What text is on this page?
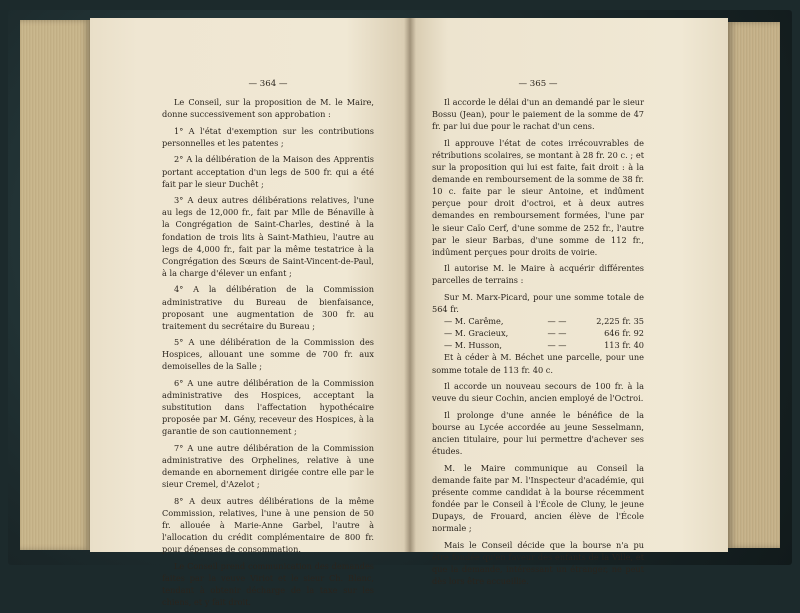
— 364 —

Le Conseil, sur la proposition de M. le Maire, donne successivement son approbation :

1° A l'état d'exemption sur les contributions personnelles et les patentes ;

2° A la délibération de la Maison des Apprentis portant acceptation d'un legs de 500 fr. qui a été fait par le sieur Duchêt ;

3° A deux autres délibérations relatives, l'une au legs de 12,000 fr., fait par Mlle de Bénaville à la Congrégation de Saint-Charles, destiné à la fondation de trois lits à Saint-Mathieu, l'autre au legs de 4,000 fr., fait par la même testatrice à la Congrégation des Sœurs de Saint-Vincent-de-Paul, à la charge d'élever un enfant ;

4° A la délibération de la Commission administrative du Bureau de bienfaisance, proposant une augmentation de 300 fr. au traitement du secrétaire du Bureau ;

5° A une délibération de la Commission des Hospices, allouant une somme de 700 fr. aux demoiselles de la Salle ;

6° A une autre délibération de la Commission administrative des Hospices, acceptant la substitution dans l'affectation hypothécaire proposée par M. Gény, receveur des Hospices, à la garantie de son cautionnement ;

7° A une autre délibération de la Commission administrative des Orphelines, relative à une demande en abornement dirigée contre elle par le sieur Cremel, d'Azelot ;

8° A deux autres délibérations de la même Commission, relatives, l'une à une pension de 50 fr. allouée à Marie-Anne Garbel, l'autre à l'allocation du crédit complémentaire de 800 fr. pour dépenses de consommation.

Le Conseil prend communication des demandes faites par la veuve Viriot et le sieur Ch. Blanc, tendant à obtenir décharge de la taxe sur les chiens, et y fait droit.

— 365 —

Il accorde le délai d'un an demandé par le sieur Bossu (Jean), pour le paiement de la somme de 47 fr. par lui due pour le rachat d'un cens.

Il approuve l'état de cotes irrécouvrables de rétributions scolaires, se montant à 28 fr. 20 c. ; et sur la proposition qui lui est faite, fait droit : à la demande en remboursement de la somme de 38 fr. 10 c. faite par le sieur Antoine, et indûment perçue pour droit d'octroi, et à deux autres demandes en remboursement formées, l'une par le sieur Caïo Cerf, d'une somme de 252 fr., l'autre par le sieur Barbas, d'une somme de 112 fr., indûment perçues pour droits de voirie.

Il autorise M. le Maire à acquérir différentes parcelles de terrains :

Sur M. Marx-Picard, pour une somme totale de 564 fr.

— M. Carême,	— —	2,225 fr. 35
— M. Gracieux,	— —	646 fr. 92
— M. Husson,	— —	113 fr. 40

Et à céder à M. Béchet une parcelle, pour une somme totale de 113 fr. 40 c.

Il accorde un nouveau secours de 100 fr. à la veuve du sieur Cochin, ancien employé de l'Octroi.

Il prolonge d'une année le bénéfice de la bourse au Lycée accordée au jeune Sesselmann, ancien titulaire, pour lui permettre d'achever ses études.

M. le Maire communique au Conseil la demande faite par M. l'Inspecteur d'académie, qui présente comme candidat à la bourse récemment fondée par le Conseil à l'École de Cluny, le jeune Dupays, de Frouard, ancien élève de l'École normale ;

Mais le Conseil décide que la bourse n'a pu être fondée qu'en faveur des enfants de la Ville, et que la demande, intéressant un étranger, ne peut dès lors être accueillie.
